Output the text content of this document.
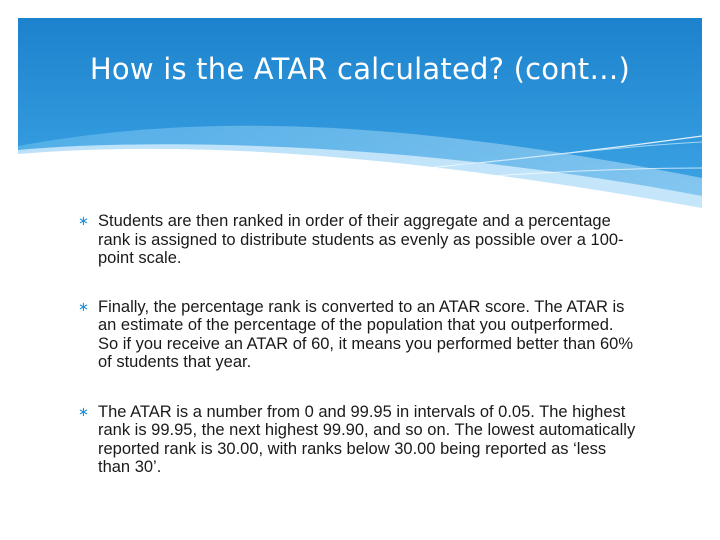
How is the ATAR calculated? (cont…)
∗ Students are then ranked in order of their aggregate and a percentage rank is assigned to distribute students as evenly as possible over a 100-point scale.
∗ Finally, the percentage rank is converted to an ATAR score. The ATAR is an estimate of the percentage of the population that you outperformed. So if you receive an ATAR of 60, it means you performed better than 60% of students that year.
∗ The ATAR is a number from 0 and 99.95 in intervals of 0.05. The highest rank is 99.95, the next highest 99.90, and so on. The lowest automatically reported rank is 30.00, with ranks below 30.00 being reported as ‘less than 30’.
